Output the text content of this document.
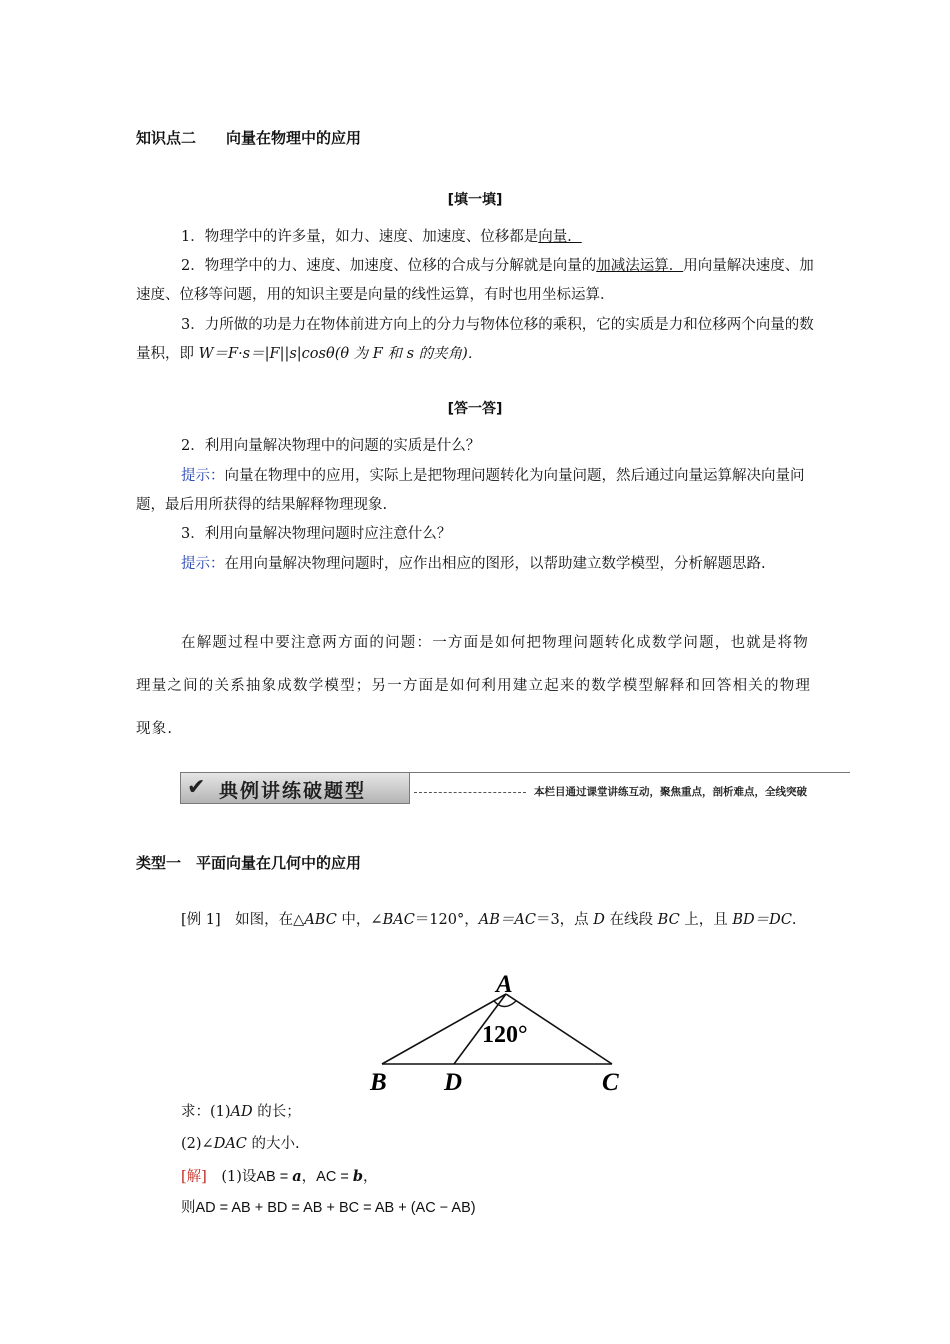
知识点二　　向量在物理中的应用
[填一填]
1．物理学中的许多量，如力、速度、加速度、位移都是向量．
2．物理学中的力、速度、加速度、位移的合成与分解就是向量的加减法运算．用向量解决速度、加速度、位移等问题，用的知识主要是向量的线性运算，有时也用坐标运算．
3．力所做的功是力在物体前进方向上的分力与物体位移的乘积，它的实质是力和位移两个向量的数量积，即 W＝F·s＝|F||s|cosθ(θ 为 F 和 s 的夹角)．
[答一答]
2．利用向量解决物理中的问题的实质是什么？
提示：向量在物理中的应用，实际上是把物理问题转化为向量问题，然后通过向量运算解决向量问题，最后用所获得的结果解释物理现象.
3．利用向量解决物理问题时应注意什么？
提示：在用向量解决物理问题时，应作出相应的图形，以帮助建立数学模型，分析解题思路.
在解题过程中要注意两方面的问题：一方面是如何把物理问题转化成数学问题，也就是将物理量之间的关系抽象成数学模型；另一方面是如何利用建立起来的数学模型解释和回答相关的物理现象.
✔ 典例讲练破题型	本栏目通过课堂讲练互动，聚焦重点，剖析难点，全线突破
类型一　平面向量在几何中的应用
[例 1]　 如图，在△ABC 中，∠BAC＝120°，AB＝AC＝3，点 D 在线段 BC 上，且 BD＝DC.
A
B D	C
120°
求：(1)AD 的长；
(2)∠DAC 的大小.
[解]　(1)设AB = a，AC = b，
则AD = AB + BD = AB + BC = AB + (AC − AB)
